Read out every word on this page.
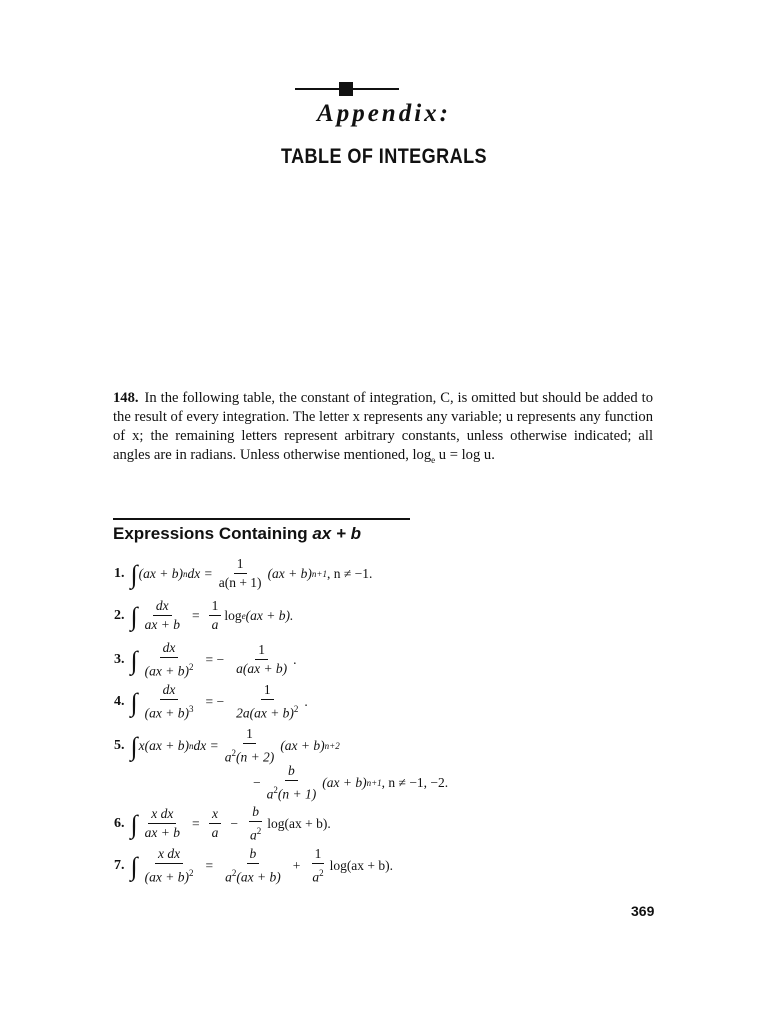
Appendix:
TABLE OF INTEGRALS
148. In the following table, the constant of integration, C, is omitted but should be added to the result of every integration. The letter x represents any variable; u represents any function of x; the remaining letters represent arbitrary constants, unless otherwise indicated; all angles are in radians. Unless otherwise mentioned, $\log_e u = \log u$.
Expressions Containing ax + b
1. ∫ (ax + b) n dx = $\frac{1}{a(n + 1)} (ax + b)$ n+1 , n ≠ −1.
2. ∫ $\frac{dx}{ax + b} = \frac{1}{a}$ log e (ax + b).
3. ∫ $\frac{dx}{(ax + b)^2}$ = − $\frac{1}{a(ax + b)}$ .
4. ∫ $\frac{dx}{(ax + b)^3}$ = − $\frac{1}{2a(ax + b)^2}$ .
5. ∫ x(ax + b) n dx = $\frac{1}{a^2(n + 2)} (ax + b)$ n+2
− $\frac{b}{a^2(n + 1)} (ax + b)$ n+1 , n ≠ −1, −2.
6. ∫ $\frac{\text{x dx}}{ax + b} = \frac{x}{a} - \frac{b}{a^2} \log(ax + b)$.
7. ∫ $\frac{\text{x dx}}{(ax + b)^2} = \frac{b}{a^2(ax + b)} + \frac{1}{a^2} \log(ax + b)$.
369
